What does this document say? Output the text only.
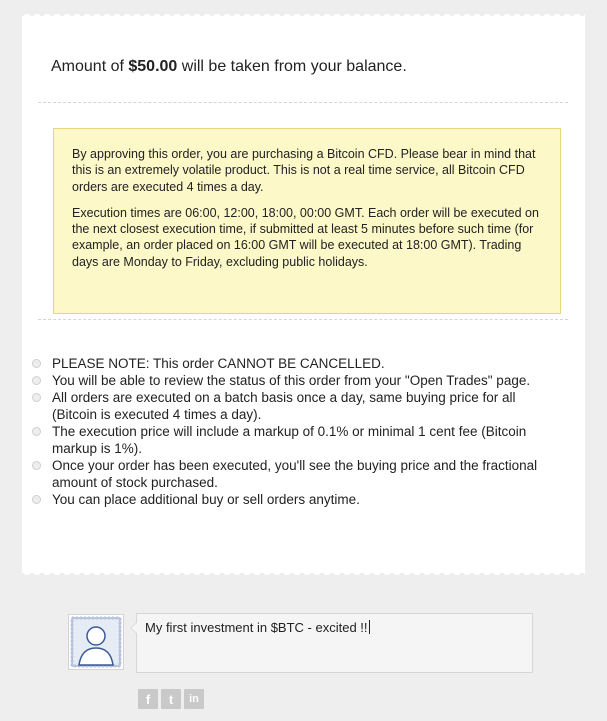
Amount of $50.00 will be taken from your balance.

By approving this order, you are purchasing a Bitcoin CFD. Please bear in mind that this is an extremely volatile product. This is not a real time service, all Bitcoin CFD orders are executed 4 times a day.

Execution times are 06:00, 12:00, 18:00, 00:00 GMT. Each order will be executed on the next closest execution time, if submitted at least 5 minutes before such time (for example, an order placed on 16:00 GMT will be executed at 18:00 GMT). Trading days are Monday to Friday, excluding public holidays.

PLEASE NOTE: This order CANNOT BE CANCELLED.
You will be able to review the status of this order from your "Open Trades" page.
All orders are executed on a batch basis once a day, same buying price for all (Bitcoin is executed 4 times a day).
The execution price will include a markup of 0.1% or minimal 1 cent fee (Bitcoin markup is 1%).
Once your order has been executed, you'll see the buying price and the fractional amount of stock purchased.
You can place additional buy or sell orders anytime.
My first investment in $BTC - excited !!
f t in
